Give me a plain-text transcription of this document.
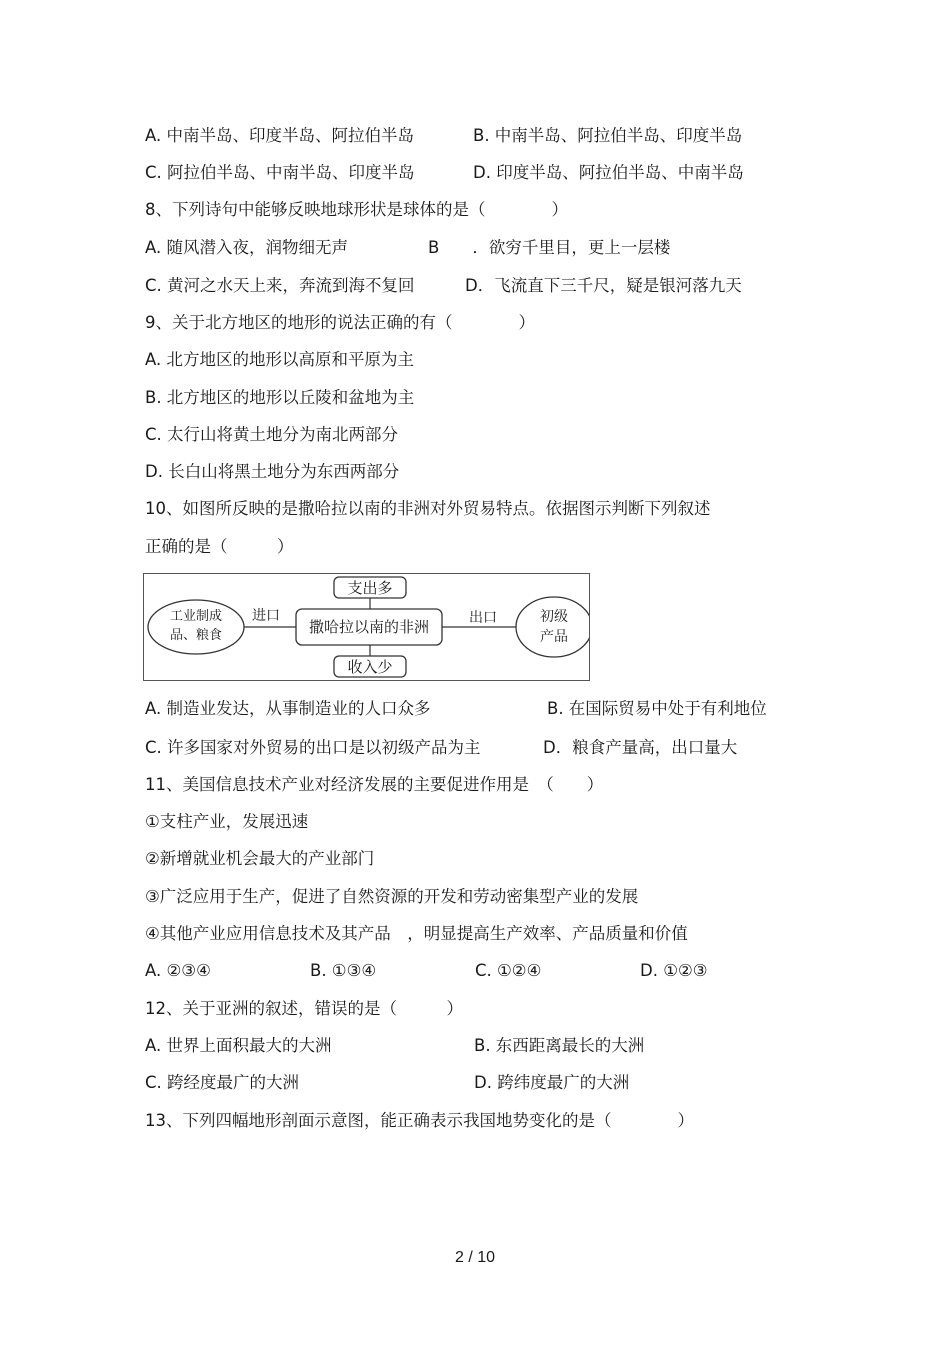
A. 中南半岛、印度半岛、阿拉伯半岛	B. 中南半岛、阿拉伯半岛、印度半岛
C. 阿拉伯半岛、中南半岛、印度半岛	D. 印度半岛、阿拉伯半岛、中南半岛
8、下列诗句中能够反映地球形状是球体的是（　　　　）
A. 随风潜入夜，润物细无声	B　　．欲穷千里目，更上一层楼
C. 黄河之水天上来，奔流到海不复回	D．飞流直下三千尺，疑是银河落九天
9、关于北方地区的地形的说法正确的有（　　　　）
A. 北方地区的地形以高原和平原为主
B. 北方地区的地形以丘陵和盆地为主
C. 太行山将黄土地分为南北两部分
D. 长白山将黑土地分为东西两部分
10、如图所反映的是撒哈拉以南的非洲对外贸易特点。依据图示判断下列叙述
正确的是（　　　）
支出多
收入少
撒哈拉以南的非洲
工业制成
品、粮食
初级
产品
进口	出口
A. 制造业发达，从事制造业的人口众多	B. 在国际贸易中处于有利地位
C. 许多国家对外贸易的出口是以初级产品为主	D．粮食产量高，出口量大
11、美国信息技术产业对经济发展的主要促进作用是　（　　）
①支柱产业，发展迅速
②新增就业机会最大的产业部门
③广泛应用于生产，促进了自然资源的开发和劳动密集型产业的发展
④其他产业应用信息技术及其产品　，明显提高生产效率、产品质量和价值
A. ②③④	B. ①③④	C. ①②④	D. ①②③
12、关于亚洲的叙述，错误的是（　　　）
A. 世界上面积最大的大洲	B. 东西距离最长的大洲
C. 跨经度最广的大洲	D. 跨纬度最广的大洲
13、下列四幅地形剖面示意图，能正确表示我国地势变化的是（　　　　）
2 / 10
